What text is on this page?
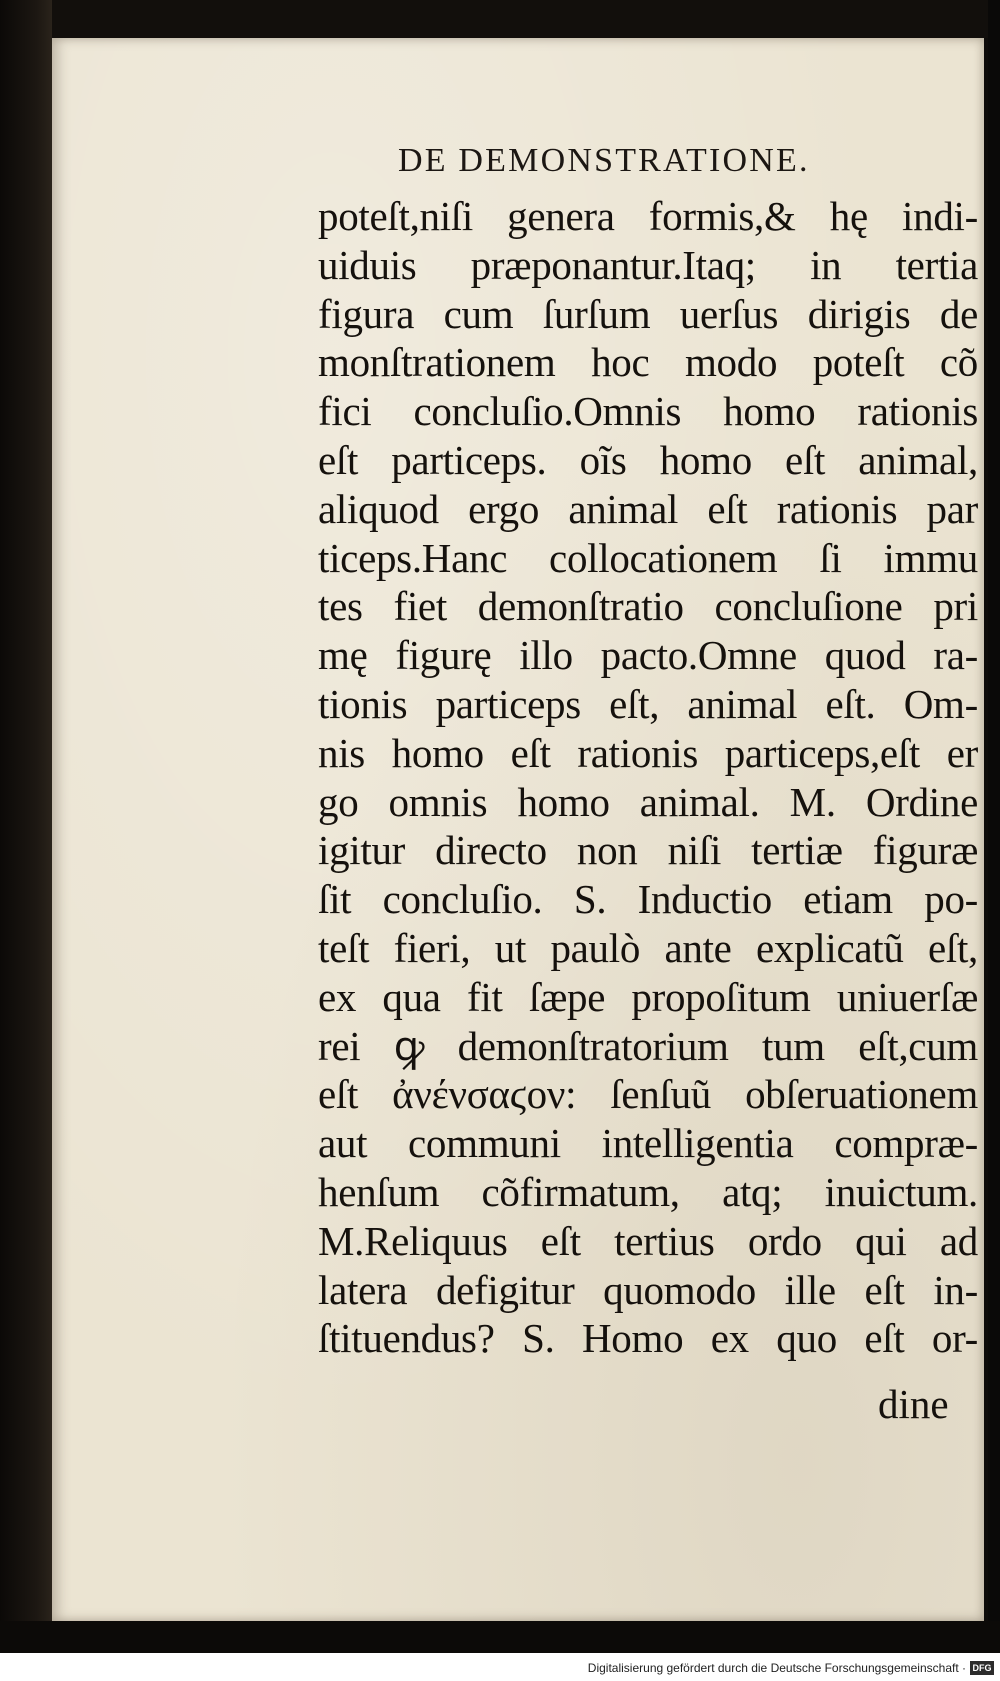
DE DEMONSTRATIONE.
poteſt,niſi genera formis,& hę indi-
uiduis præponantur.Itaq; in tertia
figura cum ſurſum uerſus dirigis de
monſtrationem hoc modo poteſt cõ
fici concluſio.Omnis homo rationis
eſt particeps. oĩs homo eſt animal,
aliquod ergo animal eſt rationis par
ticeps.Hanc collocationem ſi immu
tes fiet demonſtratio concluſione pri
mę figurę illo pacto.Omne quod ra-
tionis particeps eſt, animal eſt. Om-
nis homo eſt rationis particeps,eſt er
go omnis homo animal. M. Ordine
igitur directo non niſi tertiæ figuræ
ſit concluſio. S. Inductio etiam po-
teſt fieri, ut paulò ante explicatũ eſt,
ex qua fit ſæpe propoſitum uniuerſæ
rei ꝙ demonſtratorium tum eſt,cum
eſt ἀνένσαϛον: ſenſuũ obſeruationem
aut communi intelligentia compræ-
henſum cõfirmatum, atq; inuictum.
M.Reliquus eſt tertius ordo qui ad
latera defigitur quomodo ille eſt in-
ſtituendus? S. Homo ex quo eſt or-
dine
Digitalisierung gefördert durch die Deutsche Forschungsgemeinschaft · DFG
